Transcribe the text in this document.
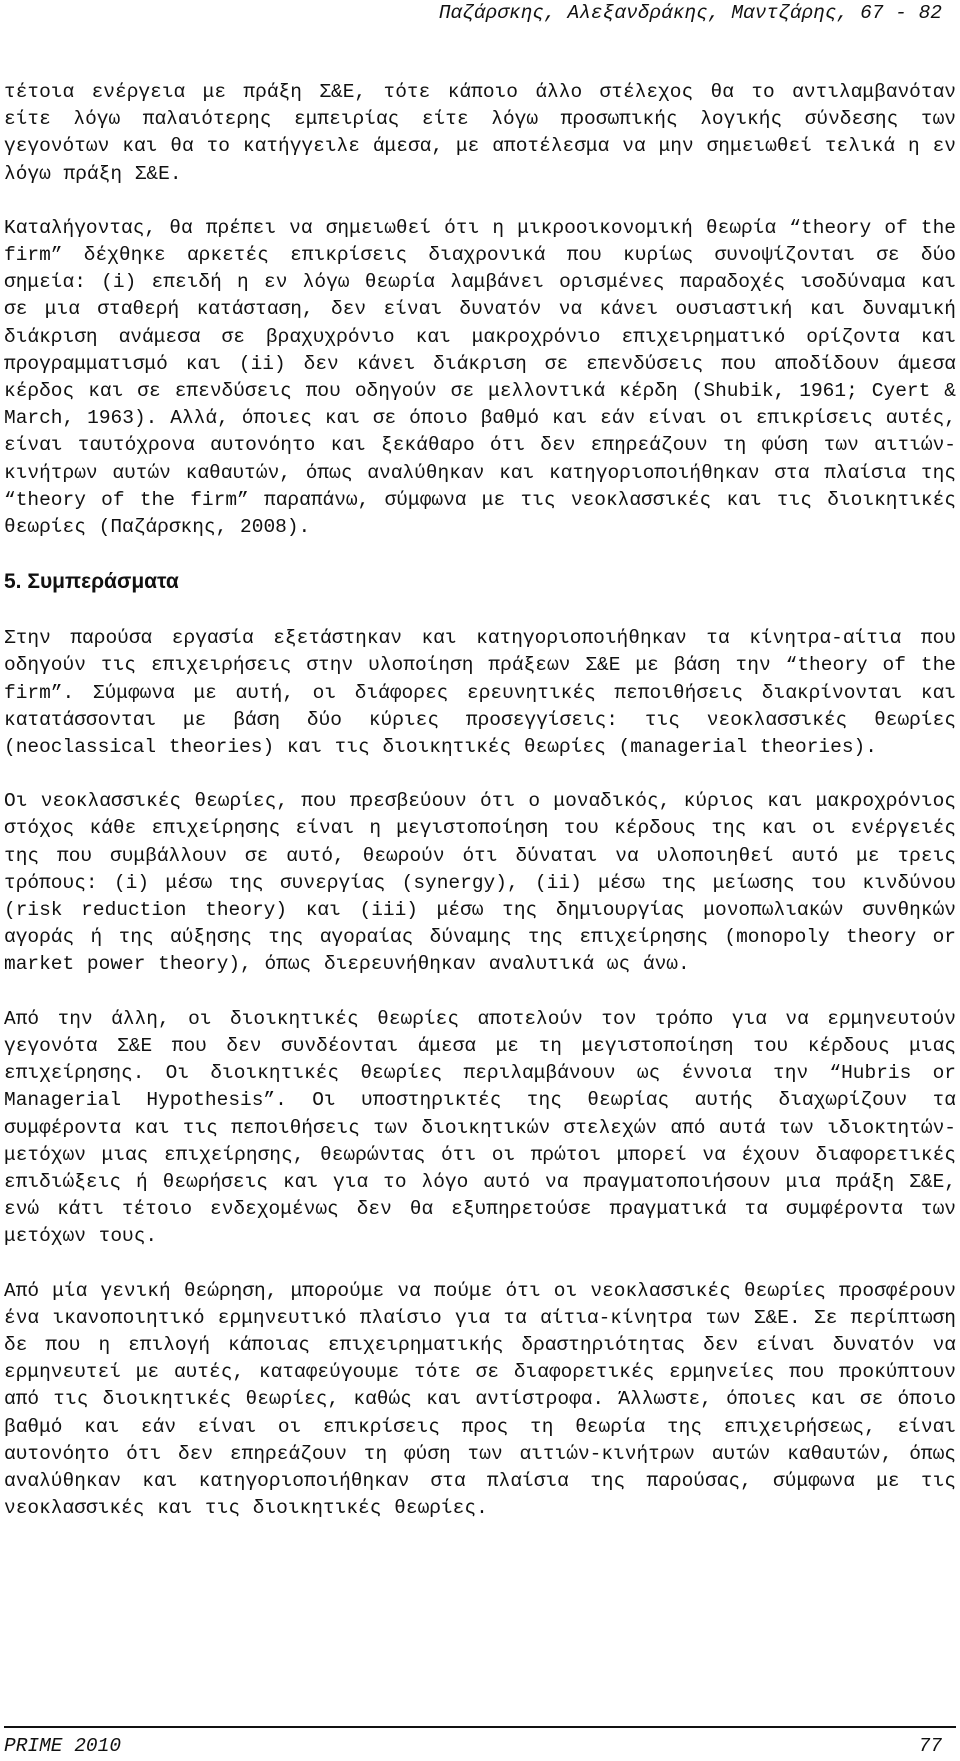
Παζάρσκης, Αλεξανδράκης, Μαντζάρης, 67 - 82

τέτοια ενέργεια με πράξη Σ&Ε, τότε κάποιο άλλο στέλεχος θα το αντιλαμβανόταν είτε λόγω παλαιότερης εμπειρίας είτε λόγω προσωπικής λογικής σύνδεσης των γεγονότων και θα το κατήγγειλε άμεσα, με αποτέλεσμα να μην σημειωθεί τελικά η εν λόγω πράξη Σ&Ε.

Καταλήγοντας, θα πρέπει να σημειωθεί ότι η μικροοικονομική θεωρία “theory of the firm” δέχθηκε αρκετές επικρίσεις διαχρονικά που κυρίως συνοψίζονται σε δύο σημεία: (i) επειδή η εν λόγω θεωρία λαμβάνει ορισμένες παραδοχές ισοδύναμα και σε μια σταθερή κατάσταση, δεν είναι δυνατόν να κάνει ουσιαστική και δυναμική διάκριση ανάμεσα σε βραχυχρόνιο και μακροχρόνιο επιχειρηματικό ορίζοντα και προγραμματισμό και (ii) δεν κάνει διάκριση σε επενδύσεις που αποδίδουν άμεσα κέρδος και σε επενδύσεις που οδηγούν σε μελλοντικά κέρδη (Shubik, 1961; Cyert & March, 1963). Αλλά, όποιες και σε όποιο βαθμό και εάν είναι οι επικρίσεις αυτές, είναι ταυτόχρονα αυτονόητο και ξεκάθαρο ότι δεν επηρεάζουν τη φύση των αιτιών-κινήτρων αυτών καθαυτών, όπως αναλύθηκαν και κατηγοριοποιήθηκαν στα πλαίσια της “theory of the firm” παραπάνω, σύμφωνα με τις νεοκλασσικές και τις διοικητικές θεωρίες (Παζάρσκης, 2008).

5. Συμπεράσματα

Στην παρούσα εργασία εξετάστηκαν και κατηγοριοποιήθηκαν τα κίνητρα-αίτια που οδηγούν τις επιχειρήσεις στην υλοποίηση πράξεων Σ&Ε με βάση την “theory of the firm”. Σύμφωνα με αυτή, οι διάφορες ερευνητικές πεποιθήσεις διακρίνονται και κατατάσσονται με βάση δύο κύριες προσεγγίσεις: τις νεοκλασσικές θεωρίες (neoclassical theories) και τις διοικητικές θεωρίες (managerial theories).

Οι νεοκλασσικές θεωρίες, που πρεσβεύουν ότι ο μοναδικός, κύριος και μακροχρόνιος στόχος κάθε επιχείρησης είναι η μεγιστοποίηση του κέρδους της και οι ενέργειές της που συμβάλλουν σε αυτό, θεωρούν ότι δύναται να υλοποιηθεί αυτό με τρεις τρόπους: (i) μέσω της συνεργίας (synergy), (ii) μέσω της μείωσης του κινδύνου (risk reduction theory) και (iii) μέσω της δημιουργίας μονοπωλιακών συνθηκών αγοράς ή της αύξησης της αγοραίας δύναμης της επιχείρησης (monopoly theory or market power theory), όπως διερευνήθηκαν αναλυτικά ως άνω.

Από την άλλη, οι διοικητικές θεωρίες αποτελούν τον τρόπο για να ερμηνευτούν γεγονότα Σ&Ε που δεν συνδέονται άμεσα με τη μεγιστοποίηση του κέρδους μιας επιχείρησης. Οι διοικητικές θεωρίες περιλαμβάνουν ως έννοια την “Hubris or Managerial Hypothesis”. Οι υποστηρικτές της θεωρίας αυτής διαχωρίζουν τα συμφέροντα και τις πεποιθήσεις των διοικητικών στελεχών από αυτά των ιδιοκτητών-μετόχων μιας επιχείρησης, θεωρώντας ότι οι πρώτοι μπορεί να έχουν διαφορετικές επιδιώξεις ή θεωρήσεις και για το λόγο αυτό να πραγματοποιήσουν μια πράξη Σ&Ε, ενώ κάτι τέτοιο ενδεχομένως δεν θα εξυπηρετούσε πραγματικά τα συμφέροντα των μετόχων τους.

Από μία γενική θεώρηση, μπορούμε να πούμε ότι οι νεοκλασσικές θεωρίες προσφέρουν ένα ικανοποιητικό ερμηνευτικό πλαίσιο για τα αίτια-κίνητρα των Σ&Ε. Σε περίπτωση δε που η επιλογή κάποιας επιχειρηματικής δραστηριότητας δεν είναι δυνατόν να ερμηνευτεί με αυτές, καταφεύγουμε τότε σε διαφορετικές ερμηνείες που προκύπτουν από τις διοικητικές θεωρίες, καθώς και αντίστροφα. Άλλωστε, όποιες και σε όποιο βαθμό και εάν είναι οι επικρίσεις προς τη θεωρία της επιχειρήσεως, είναι αυτονόητο ότι δεν επηρεάζουν τη φύση των αιτιών-κινήτρων αυτών καθαυτών, όπως αναλύθηκαν και κατηγοριοποιήθηκαν στα πλαίσια της παρούσας, σύμφωνα με τις νεοκλασσικές και τις διοικητικές θεωρίες.

PRIME 2010	77
